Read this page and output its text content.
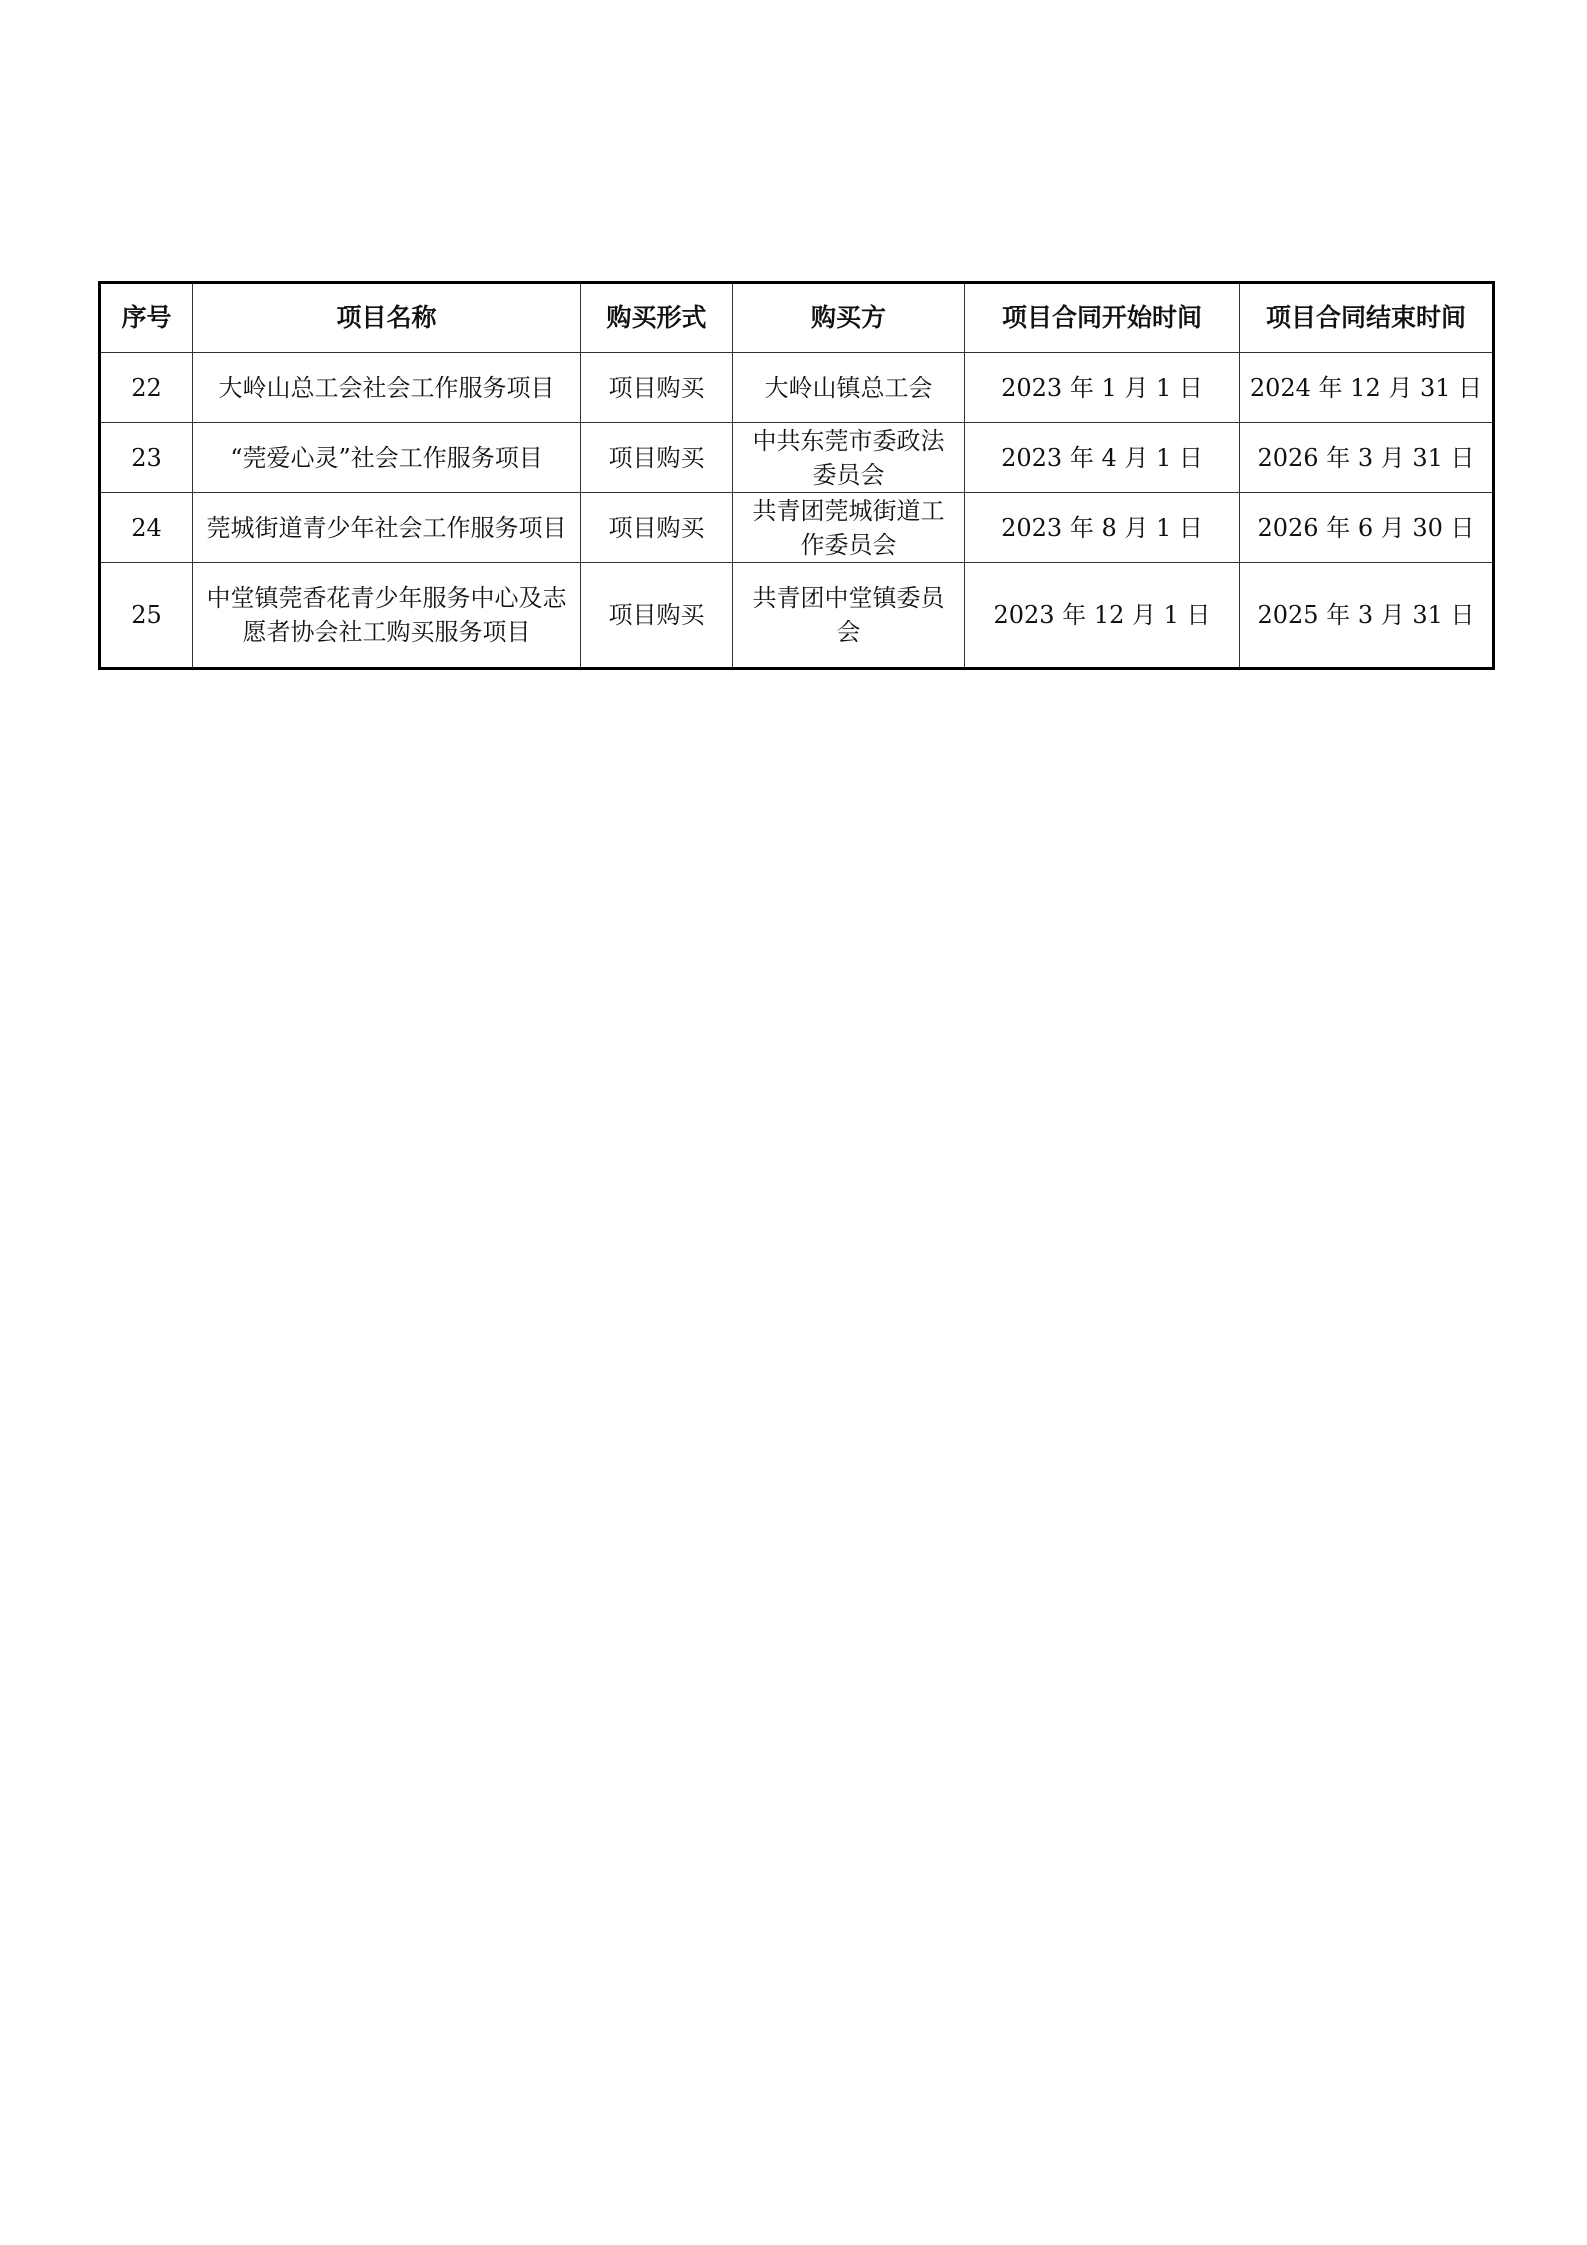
序号	项目名称	购买形式	购买方	项目合同开始时间	项目合同结束时间
22	大岭山总工会社会工作服务项目	项目购买	大岭山镇总工会	2023 年 1 月 1 日	2024 年 12 月 31 日
23	“莞爱心灵”社会工作服务项目	项目购买	中共东莞市委政法委员会	2023 年 4 月 1 日	2026 年 3 月 31 日
24	莞城街道青少年社会工作服务项目	项目购买	共青团莞城街道工作委员会	2023 年 8 月 1 日	2026 年 6 月 30 日
25	中堂镇莞香花青少年服务中心及志愿者协会社工购买服务项目	项目购买	共青团中堂镇委员会	2023 年 12 月 1 日	2025 年 3 月 31 日
